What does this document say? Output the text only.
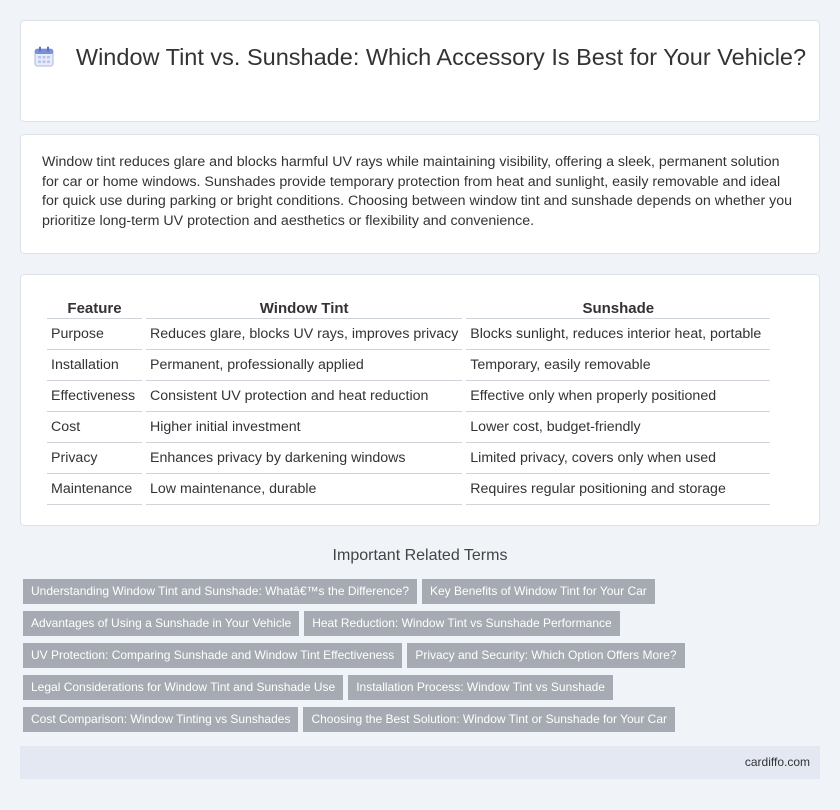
Window Tint vs. Sunshade: Which Accessory Is Best for Your Vehicle?

Window tint reduces glare and blocks harmful UV rays while maintaining visibility, offering a sleek, permanent solution for car or home windows. Sunshades provide temporary protection from heat and sunlight, easily removable and ideal for quick use during parking or bright conditions. Choosing between window tint and sunshade depends on whether you prioritize long-term UV protection and aesthetics or flexibility and convenience.

Feature	Window Tint	Sunshade
Purpose	Reduces glare, blocks UV rays, improves privacy	Blocks sunlight, reduces interior heat, portable
Installation	Permanent, professionally applied	Temporary, easily removable
Effectiveness	Consistent UV protection and heat reduction	Effective only when properly positioned
Cost	Higher initial investment	Lower cost, budget-friendly
Privacy	Enhances privacy by darkening windows	Limited privacy, covers only when used
Maintenance	Low maintenance, durable	Requires regular positioning and storage
Important Related Terms
Understanding Window Tint and Sunshade: Whatâ€™s the Difference? Key Benefits of Window Tint for Your Car
Advantages of Using a Sunshade in Your Vehicle Heat Reduction: Window Tint vs Sunshade Performance
UV Protection: Comparing Sunshade and Window Tint Effectiveness Privacy and Security: Which Option Offers More?
Legal Considerations for Window Tint and Sunshade Use Installation Process: Window Tint vs Sunshade
Cost Comparison: Window Tinting vs Sunshades Choosing the Best Solution: Window Tint or Sunshade for Your Car
cardiffo.com
